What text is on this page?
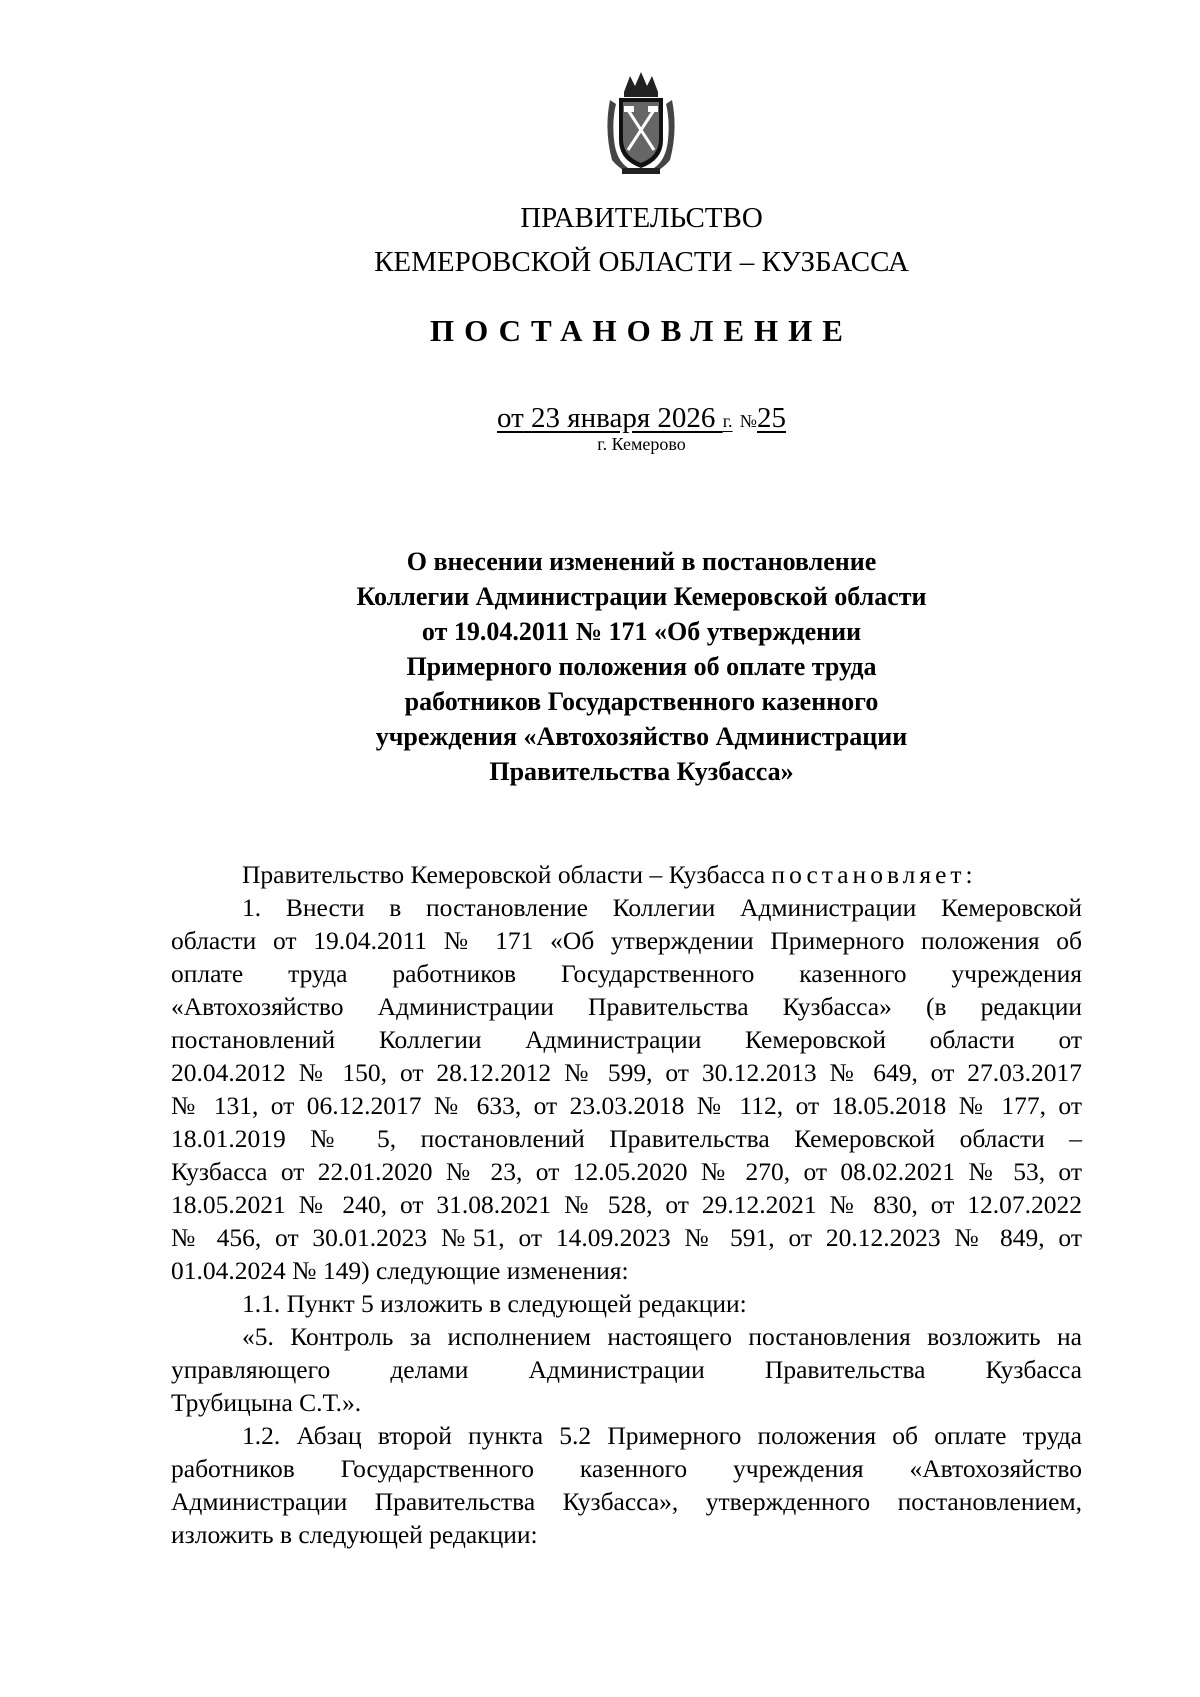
ПРАВИТЕЛЬСТВО
КЕМЕРОВСКОЙ ОБЛАСТИ – КУЗБАССА
ПОСТАНОВЛЕНИЕ
от 23 января 2026 г. №25
г. Кемерово
О внесении изменений в постановление
Коллегии Администрации Кемеровской области
от 19.04.2011 № 171 «Об утверждении
Примерного положения об оплате труда
работников Государственного казенного
учреждения «Автохозяйство Администрации
Правительства Кузбасса»

Правительство Кемеровской области – Кузбасса постановляет:

1. Внести в постановление Коллегии Администрации Кемеровской
области от 19.04.2011 № 171 «Об утверждении Примерного положения об
оплате труда работников Государственного казенного учреждения
«Автохозяйство Администрации Правительства Кузбасса» (в редакции
постановлений Коллегии Администрации Кемеровской области от
20.04.2012 № 150, от 28.12.2012 № 599, от 30.12.2013 № 649, от 27.03.2017
№ 131, от 06.12.2017 № 633, от 23.03.2018 № 112, от 18.05.2018 № 177, от
18.01.2019 № 5, постановлений Правительства Кемеровской области –
Кузбасса от 22.01.2020 № 23, от 12.05.2020 № 270, от 08.02.2021 № 53, от
18.05.2021 № 240, от 31.08.2021 № 528, от 29.12.2021 № 830, от 12.07.2022
№ 456, от 30.01.2023 №51, от 14.09.2023 № 591, от 20.12.2023 № 849, от
01.04.2024 № 149) следующие изменения:

1.1. Пункт 5 изложить в следующей редакции:

«5. Контроль за исполнением настоящего постановления возложить на
управляющего делами Администрации Правительства Кузбасса
Трубицына С.Т.».
1.2. Абзац второй пункта 5.2 Примерного положения об оплате труда
работников Государственного казенного учреждения «Автохозяйство
Администрации Правительства Кузбасса», утвержденного постановлением,
изложить в следующей редакции:
